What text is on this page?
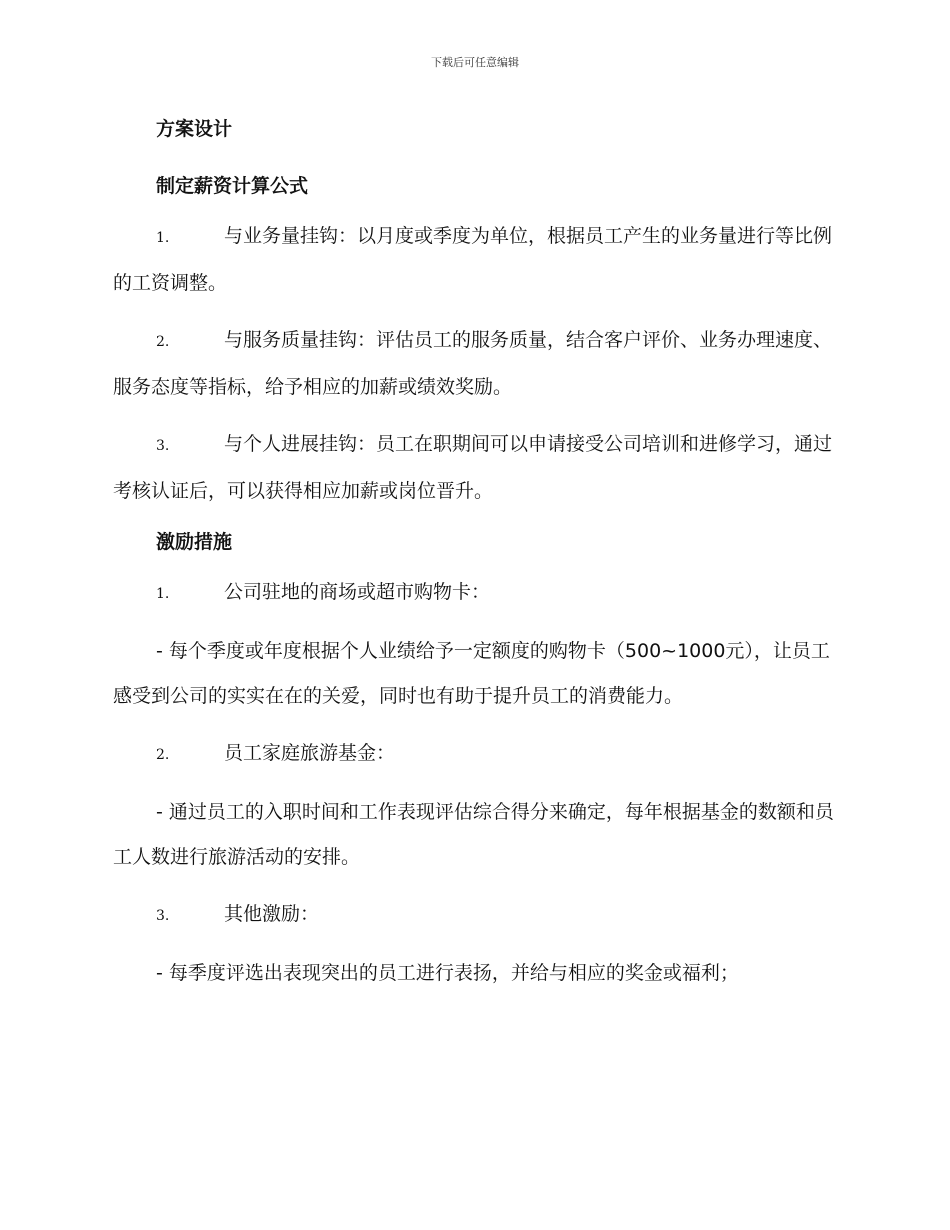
下载后可任意编辑
方案设计
制定薪资计算公式

1.	与业务量挂钩：以月度或季度为单位，根据员工产生的业务量进行等比例的工资调整。

2.	与服务质量挂钩：评估员工的服务质量，结合客户评价、业务办理速度、服务态度等指标，给予相应的加薪或绩效奖励。

3.	与个人进展挂钩：员工在职期间可以申请接受公司培训和进修学习，通过考核认证后，可以获得相应加薪或岗位晋升。

激励措施

1.	公司驻地的商场或超市购物卡：

- 每个季度或年度根据个人业绩给予一定额度的购物卡（500~1000元），让员工感受到公司的实实在在的关爱，同时也有助于提升员工的消费能力。

2.	员工家庭旅游基金：

- 通过员工的入职时间和工作表现评估综合得分来确定，每年根据基金的数额和员工人数进行旅游活动的安排。

3.	其他激励：

- 每季度评选出表现突出的员工进行表扬，并给与相应的奖金或福利；
